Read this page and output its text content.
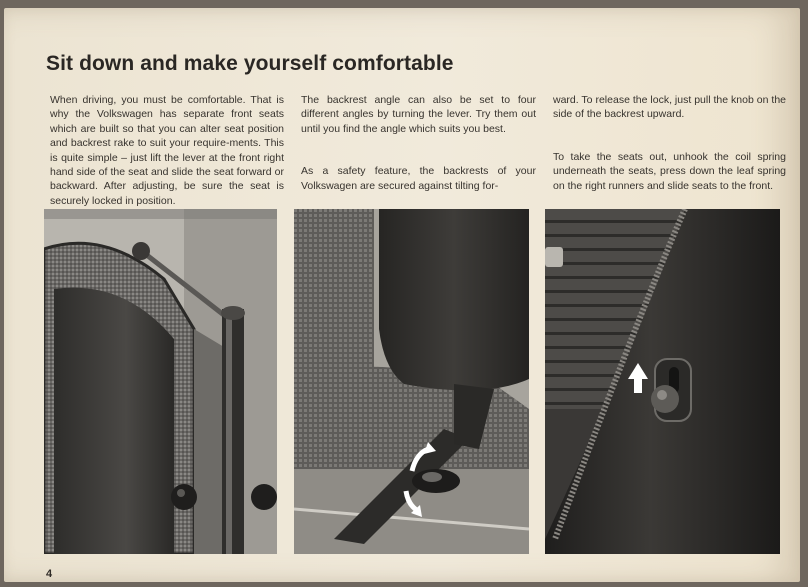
Sit down and make yourself comfortable

When driving, you must be comfortable. That is why the Volkswagen has separate front seats which are built so that you can alter seat position and backrest rake to suit your require-ments. This is quite simple – just lift the lever at the front right hand side of the seat and slide the seat forward or backward. After adjusting, be sure the seat is securely locked in position.

The backrest angle can also be set to four different angles by turning the lever. Try them out until you find the angle which suits you best.

As a safety feature, the backrests of your Volkswagen are secured against tilting for-

ward. To release the lock, just pull the knob on the side of the backrest upward.

To take the seats out, unhook the coil spring underneath the seats, press down the leaf spring on the right runners and slide seats to the front.

4
